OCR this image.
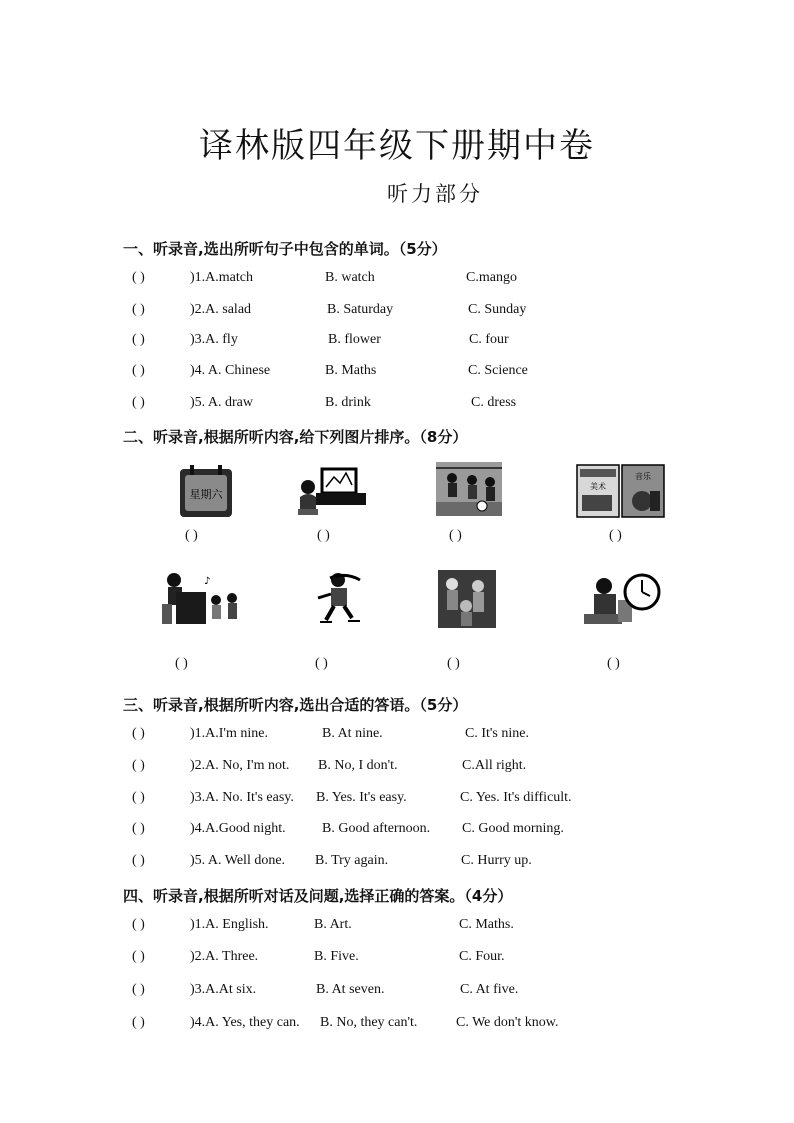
译林版四年级下册期中卷
听力部分
一、听录音,选出所听句子中包含的单词。（5分）
( )	)1.A.match	B. watch	C.mango
( )	)2.A. salad	B. Saturday	C. Sunday
( )	)3.A. fly	B. flower	C. four
( )	)4. A. Chinese	B. Maths	C. Science
( )	)5. A. draw	B. drink	C. dress
二、听录音,根据所听内容,给下列图片排序。（8分）
星期六
美术
音乐
( )	( )	( )	( )
♪
( )	( )	( )	( )
三、听录音,根据所听内容,选出合适的答语。（5分）
( )	)1.A.I'm nine.	B. At nine.	C. It's nine.
( )	)2.A. No, I'm not. B. No, I don't.	C.All right.
( )	)3.A. No. It's easy. B. Yes. It's easy.	C. Yes. It's difficult.
( )	)4.A.Good night.	B. Good afternoon. C. Good morning.
( )	)5. A. Well done. B. Try again.	C. Hurry up.
四、听录音,根据所听对话及问题,选择正确的答案。（4分）
( )	)1.A. English.	B. Art.	C. Maths.
( )	)2.A. Three.	B. Five.	C. Four.
( )	)3.A.At six.	B. At seven.	C. At five.
( )	)4.A. Yes, they can. B. No, they can't.	C. We don't know.
